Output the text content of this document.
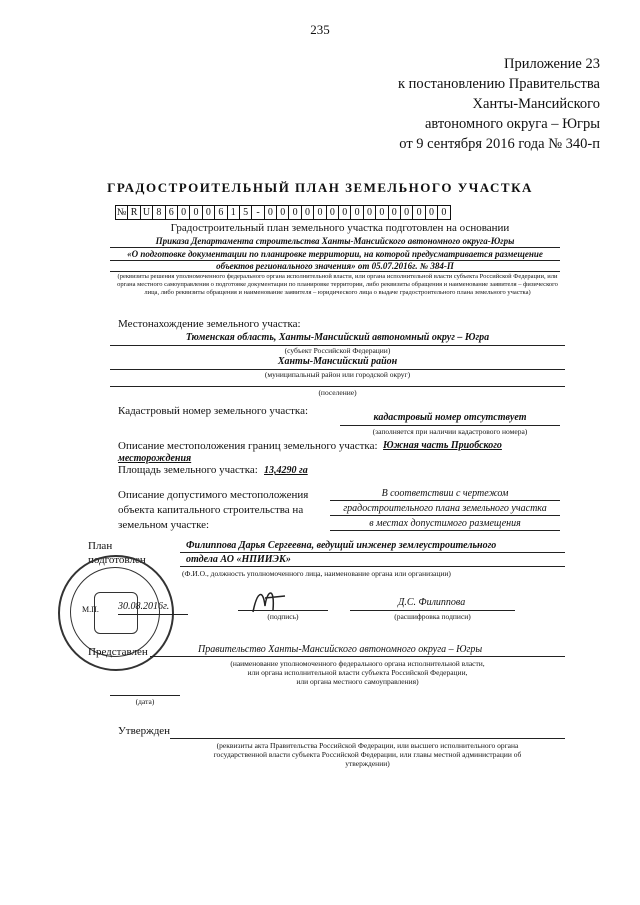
235
Приложение 23
к постановлению Правительства
Ханты-Мансийского
автономного округа – Югры
от 9 сентября 2016 года № 340-п
ГРАДОСТРОИТЕЛЬНЫЙ ПЛАН ЗЕМЕЛЬНОГО УЧАСТКА
№ R U 8 6 0 0 0 6 1 5 - 0 0 0 0 0 0 0 0 0 0 0 0 0 0 0
Градостроительный план земельного участка подготовлен на основании
Приказа Департамента строительства Ханты-Мансийского автономного округа-Югры
«О подготовке документации по планировке территории, на которой предусматривается размещение
объектов регионального значения» от 05.07.2016г. № 384-П
(реквизиты решения уполномоченного федерального органа исполнительной власти, или органа исполнительной власти субъекта Российской Федерации, или органа местного самоуправления о подготовке документации по планировке территории, либо реквизиты обращения и наименование заявителя – физического лица, либо реквизиты обращения и наименование заявителя – юридического лица о выдаче градостроительного плана земельного участка)
Местонахождение земельного участка:
Тюменская область, Ханты-Мансийский автономный округ – Югра
(субъект Российской Федерации)
Ханты-Мансийский район
(муниципальный район или городской округ)
(поселение)
Кадастровый номер земельного участка:
кадастровый номер отсутствует
(заполняется при наличии кадастрового номера)
Описание местоположения границ земельного участка: Южная часть Приобского
месторождения
Площадь земельного участка: 13,4290 га
Описание допустимого местоположения
объекта капитального строительства на
земельном участке:
В соответствии с чертежом
градостроительного плана земельного участка
в местах допустимого размещения
План
подготовлен
Филиппова Дарья Сергеевна, ведущий инженер землеустроительного
отдела АО «НПИИЭК»
(Ф.И.О., должность уполномоченного лица, наименование органа или организации)
М.П. 30.08.2016г.
(подпись)
Д.С. Филиппова
(расшифровка подписи)
Представлен	Правительство Ханты-Мансийского автономного округа – Югры
(наименование уполномоченного федерального органа исполнительной власти,
или органа исполнительной власти субъекта Российской Федерации,
или органа местного самоуправления)
(дата)
Утвержден
(реквизиты акта Правительства Российской Федерации, или высшего исполнительного органа
государственной власти субъекта Российской Федерации, или главы местной администрации об
утверждении)
